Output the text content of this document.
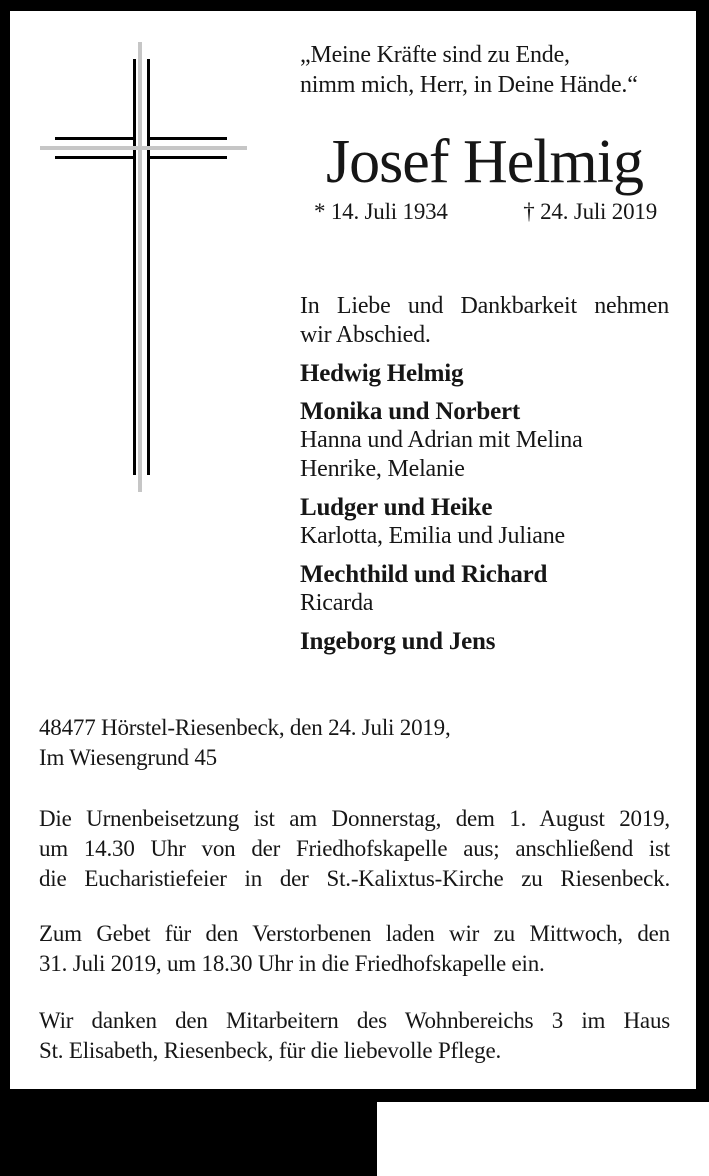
„Meine Kräfte sind zu Ende,
nimm mich, Herr, in Deine Hände.“
Josef Helmig
* 14. Juli 1934	† 24. Juli 2019
In Liebe und Dankbarkeit nehmen
wir Abschied.
Hedwig Helmig
Monika und Norbert
Hanna und Adrian mit Melina
Henrike, Melanie
Ludger und Heike
Karlotta, Emilia und Juliane
Mechthild und Richard
Ricarda
Ingeborg und Jens
48477 Hörstel-Riesenbeck, den 24. Juli 2019,
Im Wiesengrund 45
Die Urnenbeisetzung ist am Donnerstag, dem 1. August 2019,
um 14.30 Uhr von der Friedhofskapelle aus; anschließend ist
die Eucharistiefeier in der St.-Kalixtus-Kirche zu Riesenbeck.
Zum Gebet für den Verstorbenen laden wir zu Mittwoch, den
31. Juli 2019, um 18.30 Uhr in die Friedhofskapelle ein.
Wir danken den Mitarbeitern des Wohnbereichs 3 im Haus
St. Elisabeth, Riesenbeck, für die liebevolle Pflege.
